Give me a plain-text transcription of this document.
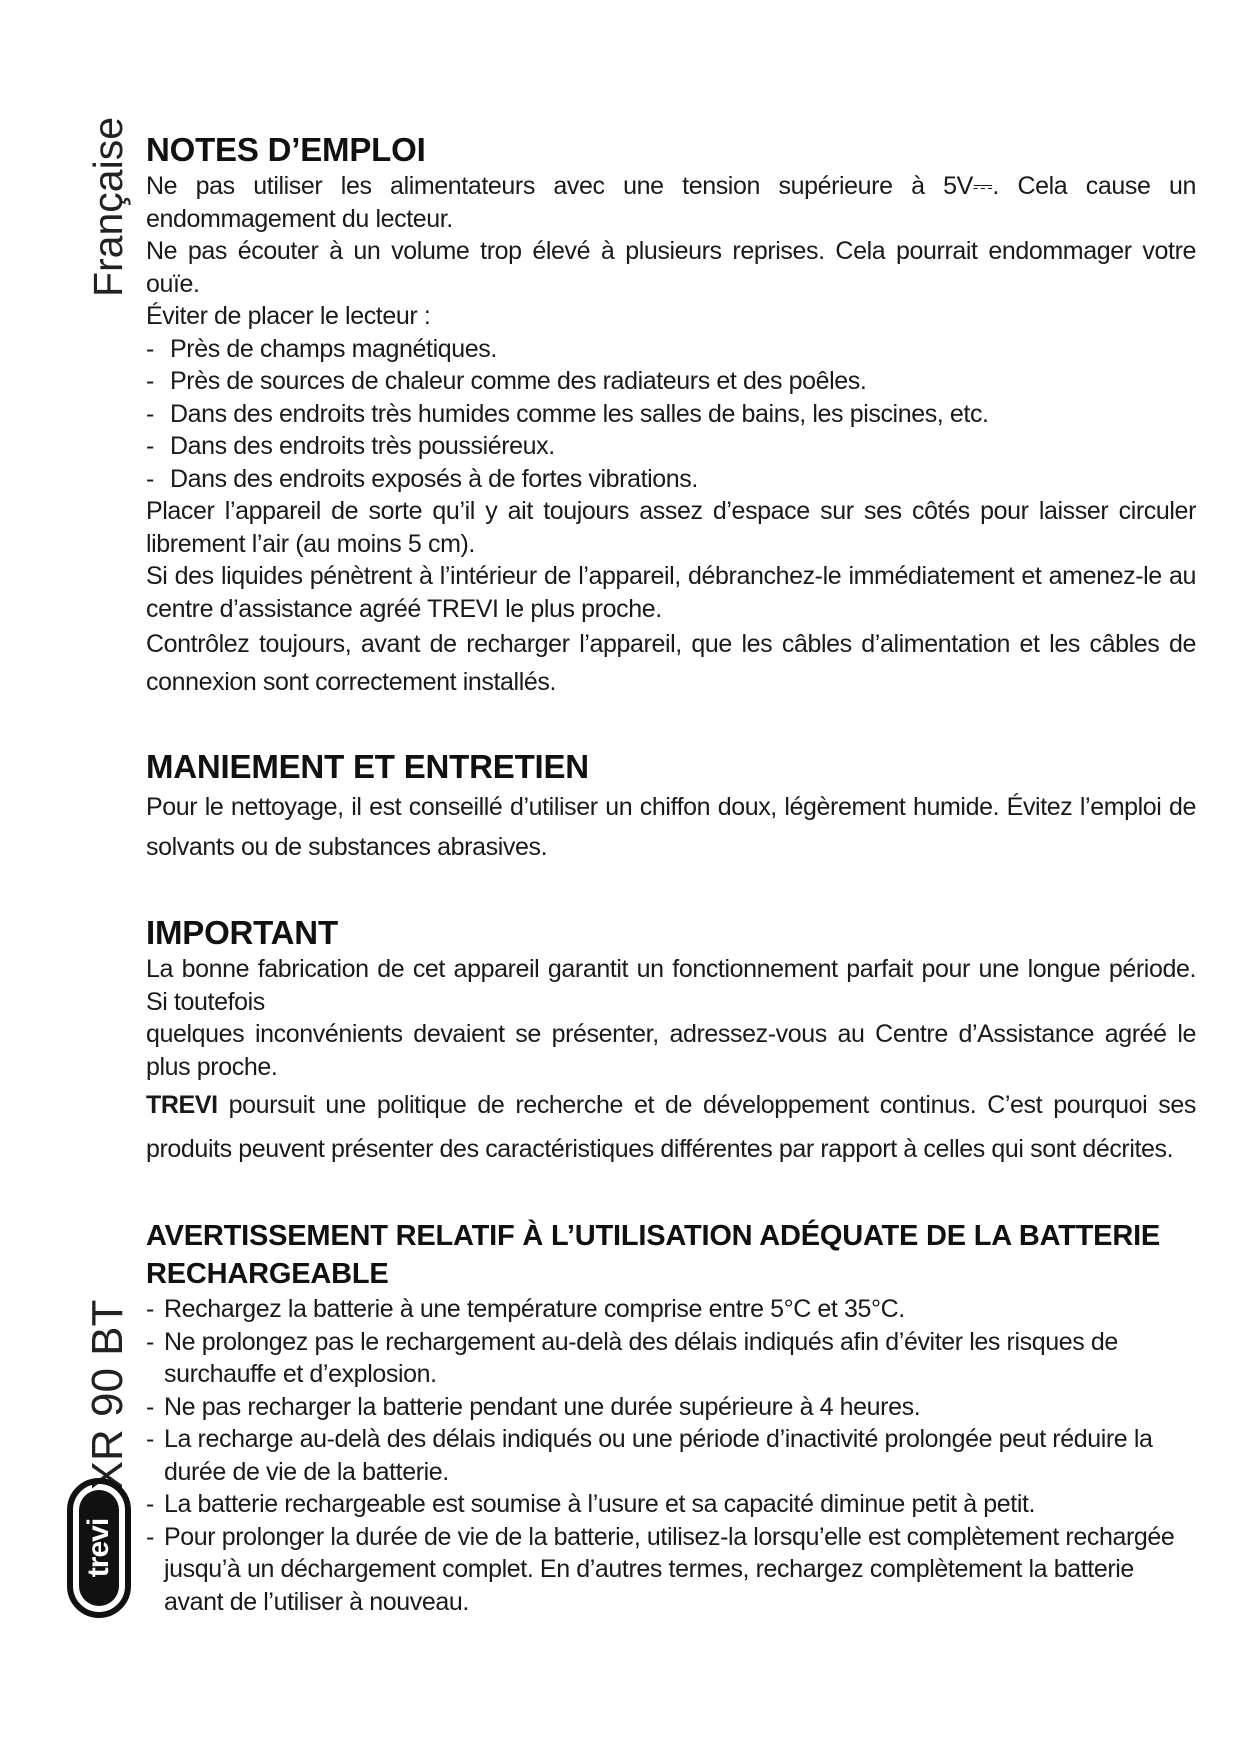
Française
XR 90 BT
trevi
NOTES D’EMPLOI

Ne pas utiliser les alimentateurs avec une tension supérieure à 5V⎓. Cela cause un endommagement du lecteur.

Ne pas écouter à un volume trop élevé à plusieurs reprises. Cela pourrait endommager votre ouïe.

Éviter de placer le lecteur :

- Près de champs magnétiques.
- Près de sources de chaleur comme des radiateurs et des poêles.
- Dans des endroits très humides comme les salles de bains, les piscines, etc.
- Dans des endroits très poussiéreux.
- Dans des endroits exposés à de fortes vibrations.

Placer l’appareil de sorte qu’il y ait toujours assez d’espace sur ses côtés pour laisser circuler librement l’air (au moins 5 cm).

Si des liquides pénètrent à l’intérieur de l’appareil, débranchez-le immédiatement et amenez-le au centre d’assistance agréé TREVI le plus proche.

Contrôlez toujours, avant de recharger l’appareil, que les câbles d’alimentation et les câbles de connexion sont correctement installés.

MANIEMENT ET ENTRETIEN

Pour le nettoyage, il est conseillé d’utiliser un chiffon doux, légèrement humide. Évitez l’emploi de solvants ou de substances abrasives.

IMPORTANT

La bonne fabrication de cet appareil garantit un fonctionnement parfait pour une longue période. Si toutefois

quelques inconvénients devaient se présenter, adressez-vous au Centre d’Assistance agréé le plus proche.

TREVI poursuit une politique de recherche et de développement continus. C’est pourquoi ses produits peuvent présenter des caractéristiques différentes par rapport à celles qui sont décrites.

AVERTISSEMENT RELATIF À L’UTILISATION ADÉQUATE DE LA BATTERIE RECHARGEABLE
- Rechargez la batterie à une température comprise entre 5°C et 35°C.
- Ne prolongez pas le rechargement au-delà des délais indiqués afin d’éviter les risques de surchauffe et d’explosion.
- Ne pas recharger la batterie pendant une durée supérieure à 4 heures.
- La recharge au-delà des délais indiqués ou une période d’inactivité prolongée peut réduire la durée de vie de la batterie.
- La batterie rechargeable est soumise à l’usure et sa capacité diminue petit à petit.
- Pour prolonger la durée de vie de la batterie, utilisez-la lorsqu’elle est complètement rechargée jusqu’à un déchargement complet. En d’autres termes, rechargez complètement la batterie avant de l’utiliser à nouveau.
